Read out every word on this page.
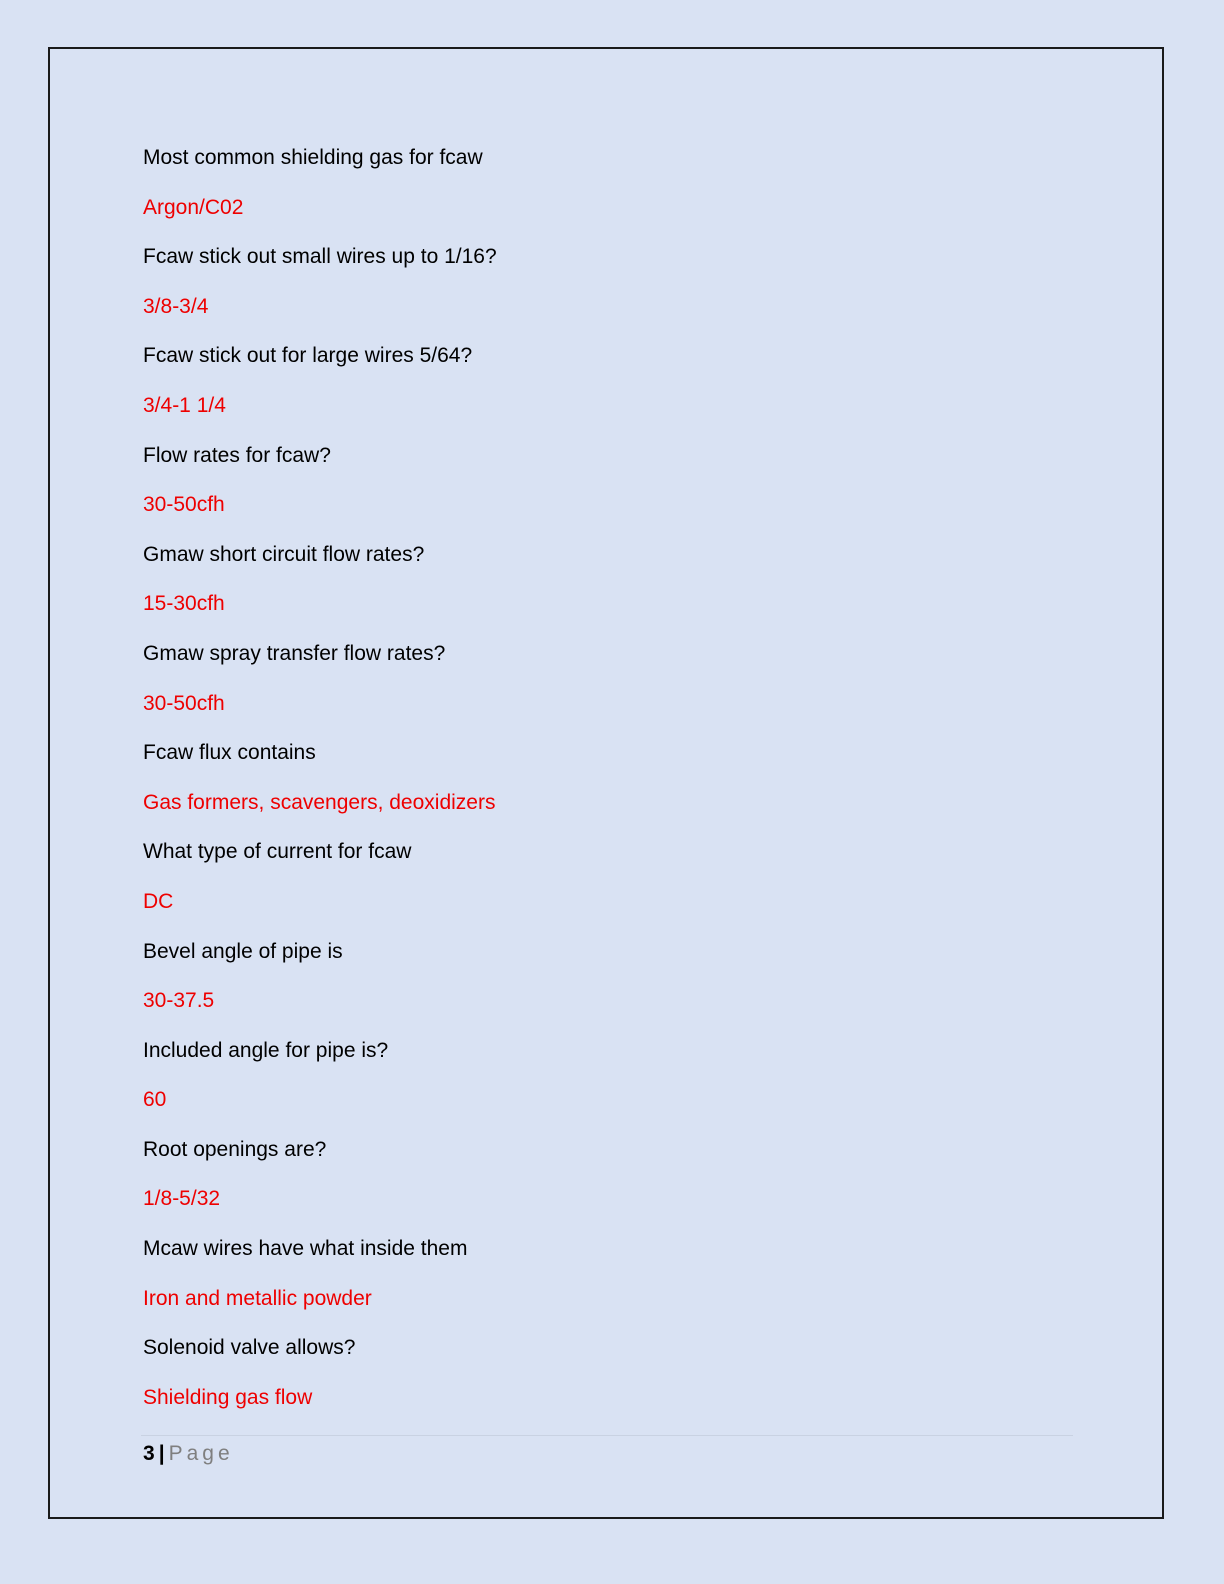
Most common shielding gas for fcaw
Argon/C02
Fcaw stick out small wires up to 1/16?
3/8-3/4
Fcaw stick out for large wires 5/64?
3/4-1 1/4
Flow rates for fcaw?
30-50cfh
Gmaw short circuit flow rates?
15-30cfh
Gmaw spray transfer flow rates?
30-50cfh
Fcaw flux contains
Gas formers, scavengers, deoxidizers
What type of current for fcaw
DC
Bevel angle of pipe is
30-37.5
Included angle for pipe is?
60
Root openings are?
1/8-5/32
Mcaw wires have what inside them
Iron and metallic powder
Solenoid valve allows?
Shielding gas flow
3 | Page
